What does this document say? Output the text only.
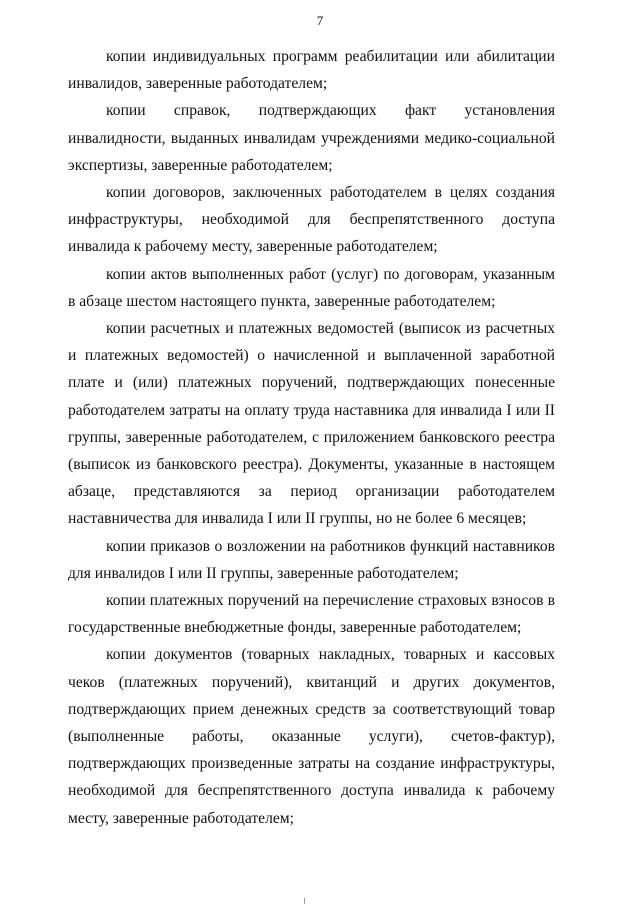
7

копии индивидуальных программ реабилитации или абилитации инвалидов, заверенные работодателем;

копии справок, подтверждающих факт установления инвалидности, выданных инвалидам учреждениями медико-социальной экспертизы, заверенные работодателем;

копии договоров, заключенных работодателем в целях создания инфраструктуры, необходимой для беспрепятственного доступа инвалида к рабочему месту, заверенные работодателем;

копии актов выполненных работ (услуг) по договорам, указанным в абзаце шестом настоящего пункта, заверенные работодателем;

копии расчетных и платежных ведомостей (выписок из расчетных и платежных ведомостей) о начисленной и выплаченной заработной плате и (или) платежных поручений, подтверждающих понесенные работодателем затраты на оплату труда наставника для инвалида I или II группы, заверенные работодателем, с приложением банковского реестра (выписок из банковского реестра). Документы, указанные в настоящем абзаце, представляются за период организации работодателем наставничества для инвалида I или II группы, но не более 6 месяцев;

копии приказов о возложении на работников функций наставников для инвалидов I или II группы, заверенные работодателем;

копии платежных поручений на перечисление страховых взносов в государственные внебюджетные фонды, заверенные работодателем;

копии документов (товарных накладных, товарных и кассовых чеков (платежных поручений), квитанций и других документов, подтверждающих прием денежных средств за соответствующий товар (выполненные работы, оказанные услуги), счетов-фактур), подтверждающих произведенные затраты на создание инфраструктуры, необходимой для беспрепятственного доступа инвалида к рабочему месту, заверенные работодателем;
